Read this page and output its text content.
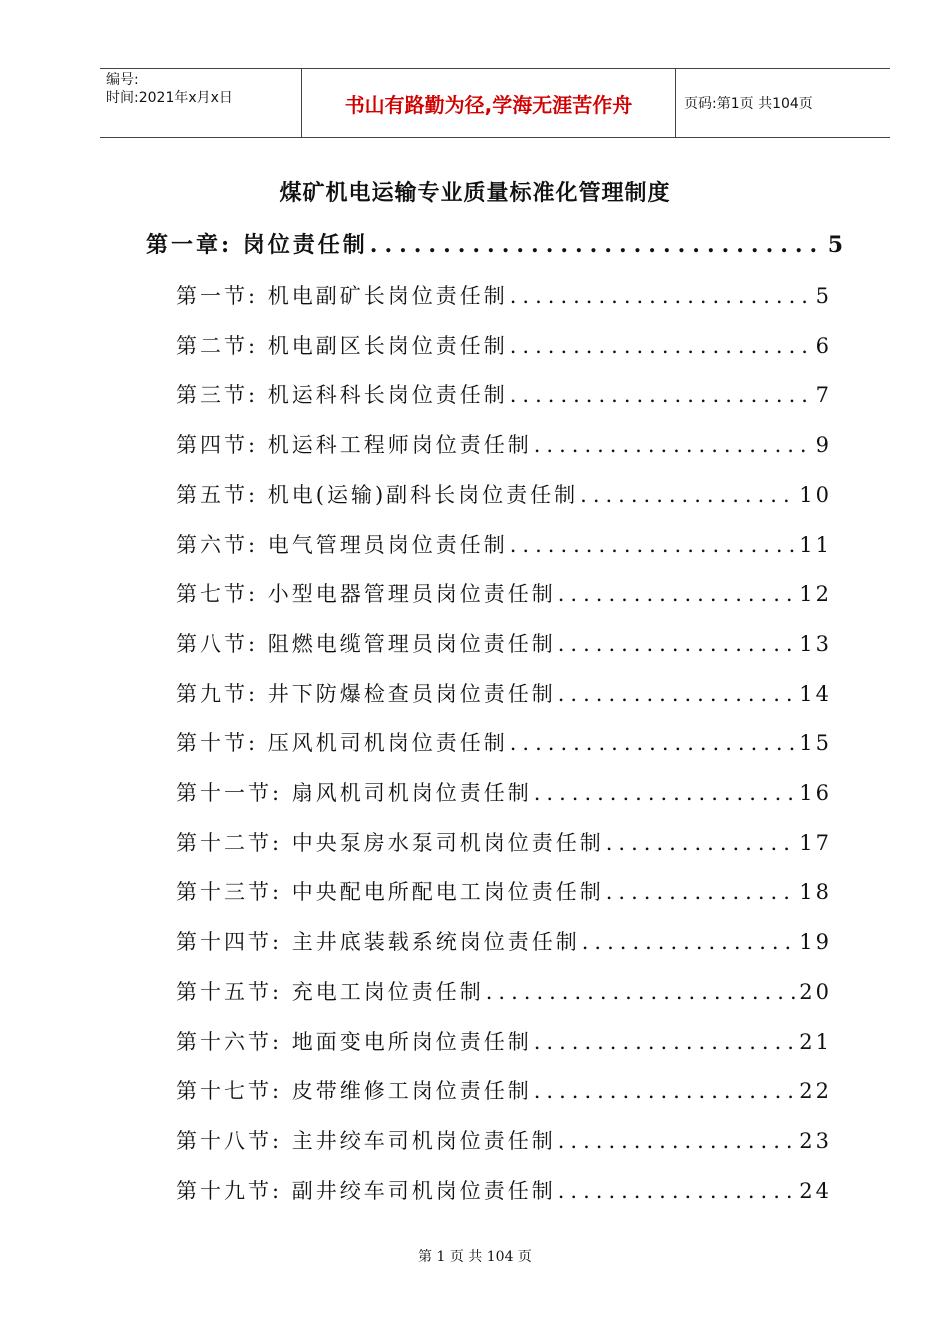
编号:
时间:2021年x月x日	书山有路勤为径,学海无涯苦作舟	页码:第1页 共104页
煤矿机电运输专业质量标准化管理制度
第一章: 岗位责任制 .....	5
第一节: 机电副矿长岗位责任制 .....	5
第二节: 机电副区长岗位责任制 .....	6
第三节: 机运科科长岗位责任制 .....	7
第四节: 机运科工程师岗位责任制 .....	9
第五节: 机电(运输)副科长岗位责任制 .....	10
第六节: 电气管理员岗位责任制 .....	11
第七节: 小型电器管理员岗位责任制 .....	12
第八节: 阻燃电缆管理员岗位责任制 .....	13
第九节: 井下防爆检查员岗位责任制 .....	14
第十节: 压风机司机岗位责任制 .....	15
第十一节: 扇风机司机岗位责任制 .....	16
第十二节: 中央泵房水泵司机岗位责任制 .....	17
第十三节: 中央配电所配电工岗位责任制 .....	18
第十四节: 主井底装载系统岗位责任制 .....	19
第十五节: 充电工岗位责任制 .....	20
第十六节: 地面变电所岗位责任制 .....	21
第十七节: 皮带维修工岗位责任制 .....	22
第十八节: 主井绞车司机岗位责任制 .....	23
第十九节: 副井绞车司机岗位责任制 .....	24
第 1 页 共 104 页
